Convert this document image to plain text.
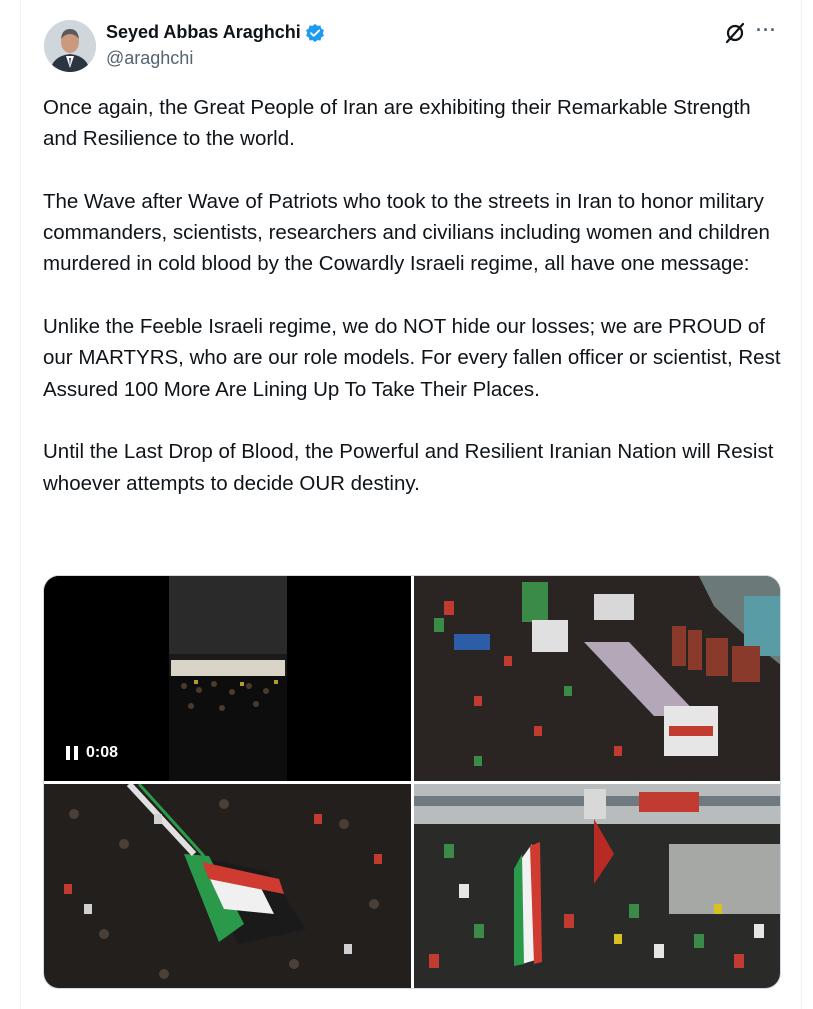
Seyed Abbas Araghchi
@araghchi
···

Once again, the Great People of Iran are exhibiting their Remarkable Strength and Resilience to the world.

The Wave after Wave of Patriots who took to the streets in Iran to honor military commanders, scientists, researchers and civilians including women and children murdered in cold blood by the Cowardly Israeli regime, all have one message:

Unlike the Feeble Israeli regime, we do NOT hide our losses; we are PROUD of our MARTYRS, who are our role models. For every fallen officer or scientist, Rest Assured 100 More Are Lining Up To Take Their Places.

Until the Last Drop of Blood, the Powerful and Resilient Iranian Nation will Resist whoever attempts to decide OUR destiny.

0:08
